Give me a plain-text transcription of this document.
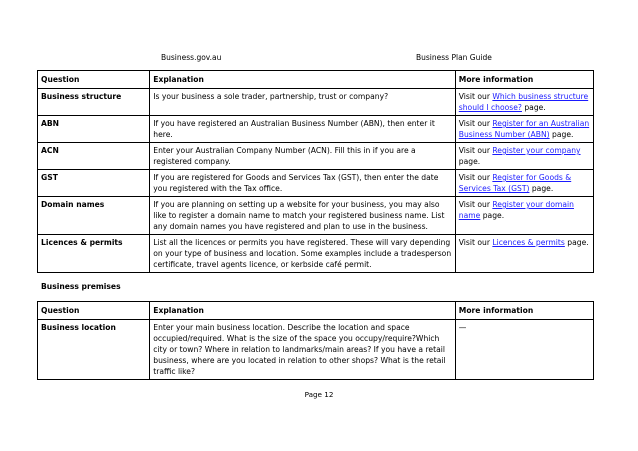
Business.gov.au	Business Plan Guide
Question	Explanation	More information
Business structure	Is your business a sole trader, partnership, trust or company?	Visit our Which business structure should I choose? page.
ABN	If you have registered an Australian Business Number (ABN), then enter it here.	Visit our Register for an Australian Business Number (ABN) page.
ACN	Enter your Australian Company Number (ACN). Fill this in if you are a registered company.	Visit our Register your company page.
GST	If you are registered for Goods and Services Tax (GST), then enter the date you registered with the Tax office.	Visit our Register for Goods & Services Tax (GST) page.
Domain names	If you are planning on setting up a website for your business, you may also like to register a domain name to match your registered business name. List any domain names you have registered and plan to use in the business.	Visit our Register your domain name page.
Licences & permits	List all the licences or permits you have registered. These will vary depending on your type of business and location. Some examples include a tradesperson certificate, travel agents licence, or kerbside café permit.	Visit our Licences & permits page.
Business premises
Question	Explanation	More information
Business location	Enter your main business location. Describe the location and space occupied/required. What is the size of the space you occupy/require?Which city or town? Where in relation to landmarks/main areas? If you have a retail business, where are you located in relation to other shops? What is the retail traffic like?	—
Page 12
